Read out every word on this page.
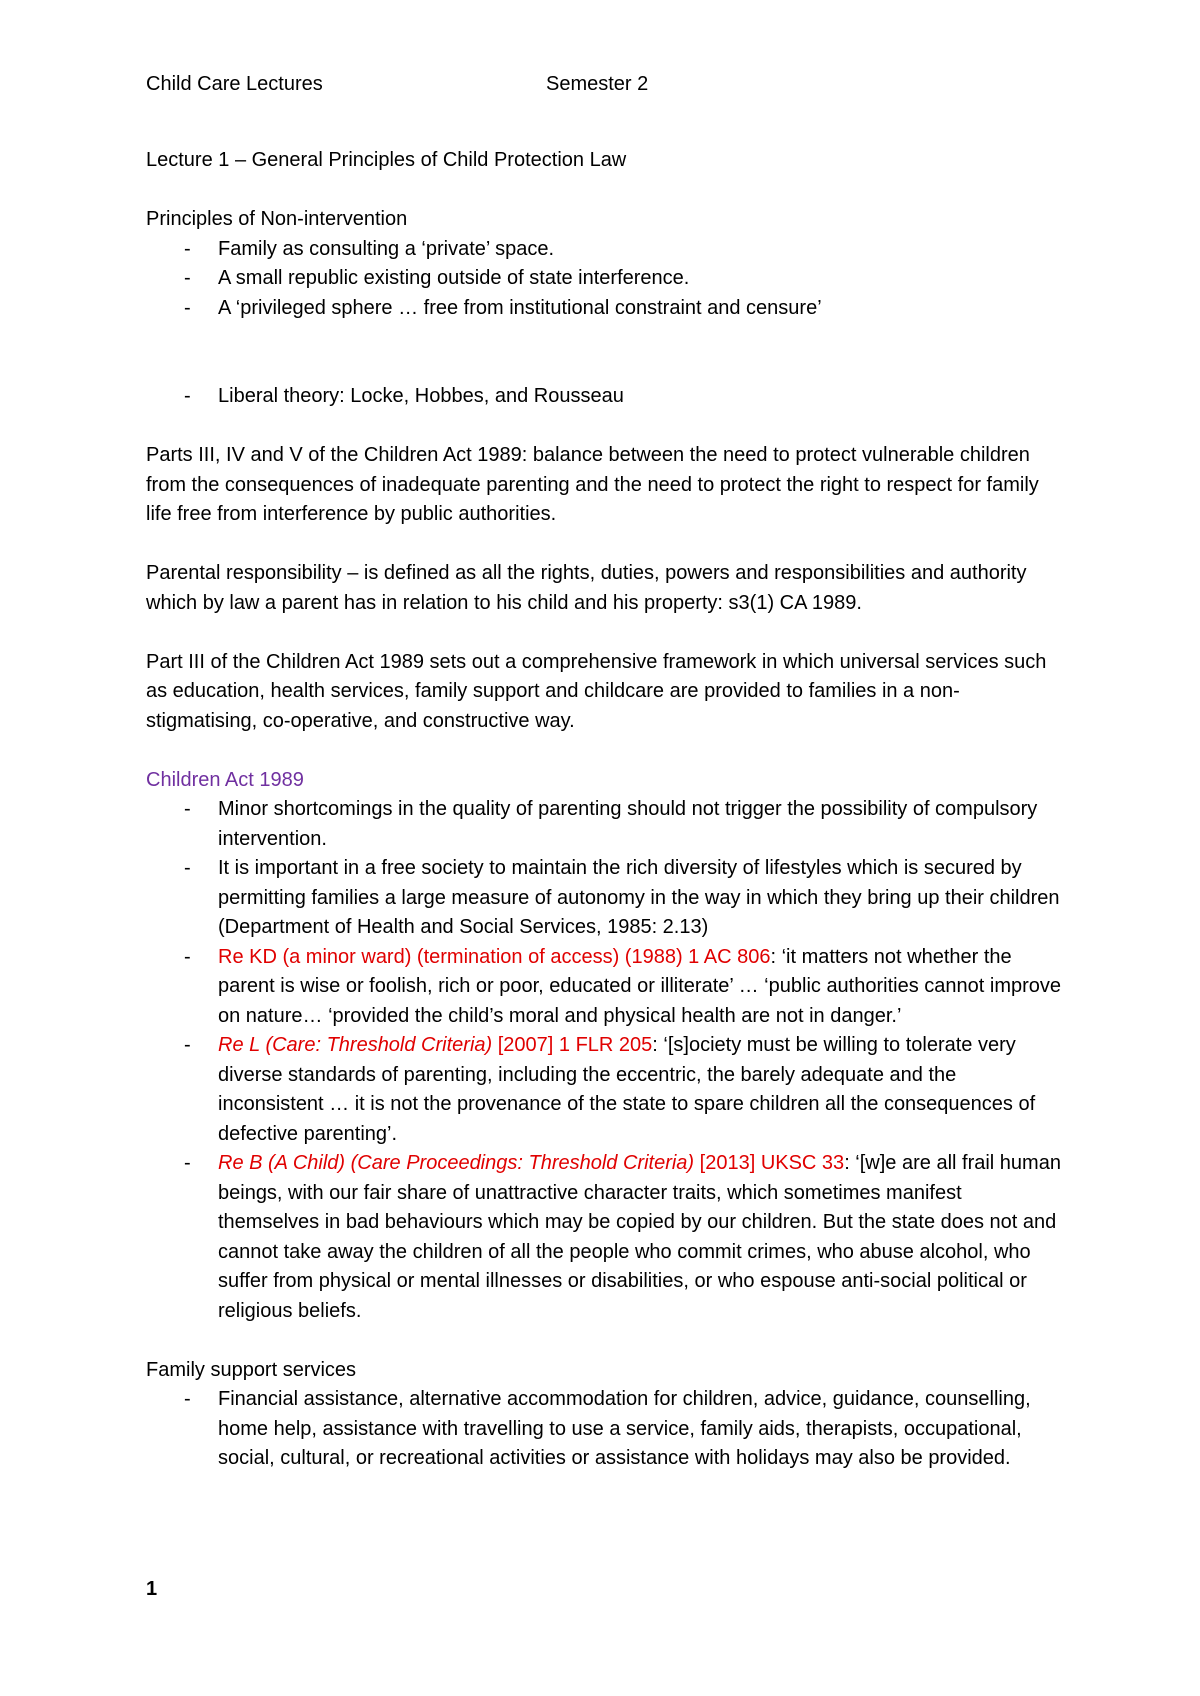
Child Care Lectures	Semester 2

Lecture 1 – General Principles of Child Protection Law

Principles of Non-intervention

- Family as consulting a ‘private’ space.
- A small republic existing outside of state interference.
- A ‘privileged sphere … free from institutional constraint and censure’
- Liberal theory: Locke, Hobbes, and Rousseau

Parts III, IV and V of the Children Act 1989: balance between the need to protect vulnerable children from the consequences of inadequate parenting and the need to protect the right to respect for family life free from interference by public authorities.

Parental responsibility – is defined as all the rights, duties, powers and responsibilities and authority which by law a parent has in relation to his child and his property: s3(1) CA 1989.

Part III of the Children Act 1989 sets out a comprehensive framework in which universal services such as education, health services, family support and childcare are provided to families in a non-stigmatising, co-operative, and constructive way.

Children Act 1989

- Minor shortcomings in the quality of parenting should not trigger the possibility of compulsory intervention.
- It is important in a free society to maintain the rich diversity of lifestyles which is secured by permitting families a large measure of autonomy in the way in which they bring up their children (Department of Health and Social Services, 1985: 2.13)
- Re KD (a minor ward) (termination of access) (1988) 1 AC 806: ‘it matters not whether the parent is wise or foolish, rich or poor, educated or illiterate’ … ‘public authorities cannot improve on nature… ‘provided the child’s moral and physical health are not in danger.’
- Re L (Care: Threshold Criteria) [2007] 1 FLR 205: ‘[s]ociety must be willing to tolerate very diverse standards of parenting, including the eccentric, the barely adequate and the inconsistent … it is not the provenance of the state to spare children all the consequences of defective parenting’.
- Re B (A Child) (Care Proceedings: Threshold Criteria) [2013] UKSC 33: ‘[w]e are all frail human beings, with our fair share of unattractive character traits, which sometimes manifest themselves in bad behaviours which may be copied by our children. But the state does not and cannot take away the children of all the people who commit crimes, who abuse alcohol, who suffer from physical or mental illnesses or disabilities, or who espouse anti-social political or religious beliefs.

Family support services

- Financial assistance, alternative accommodation for children, advice, guidance, counselling, home help, assistance with travelling to use a service, family aids, therapists, occupational, social, cultural, or recreational activities or assistance with holidays may also be provided.
1
